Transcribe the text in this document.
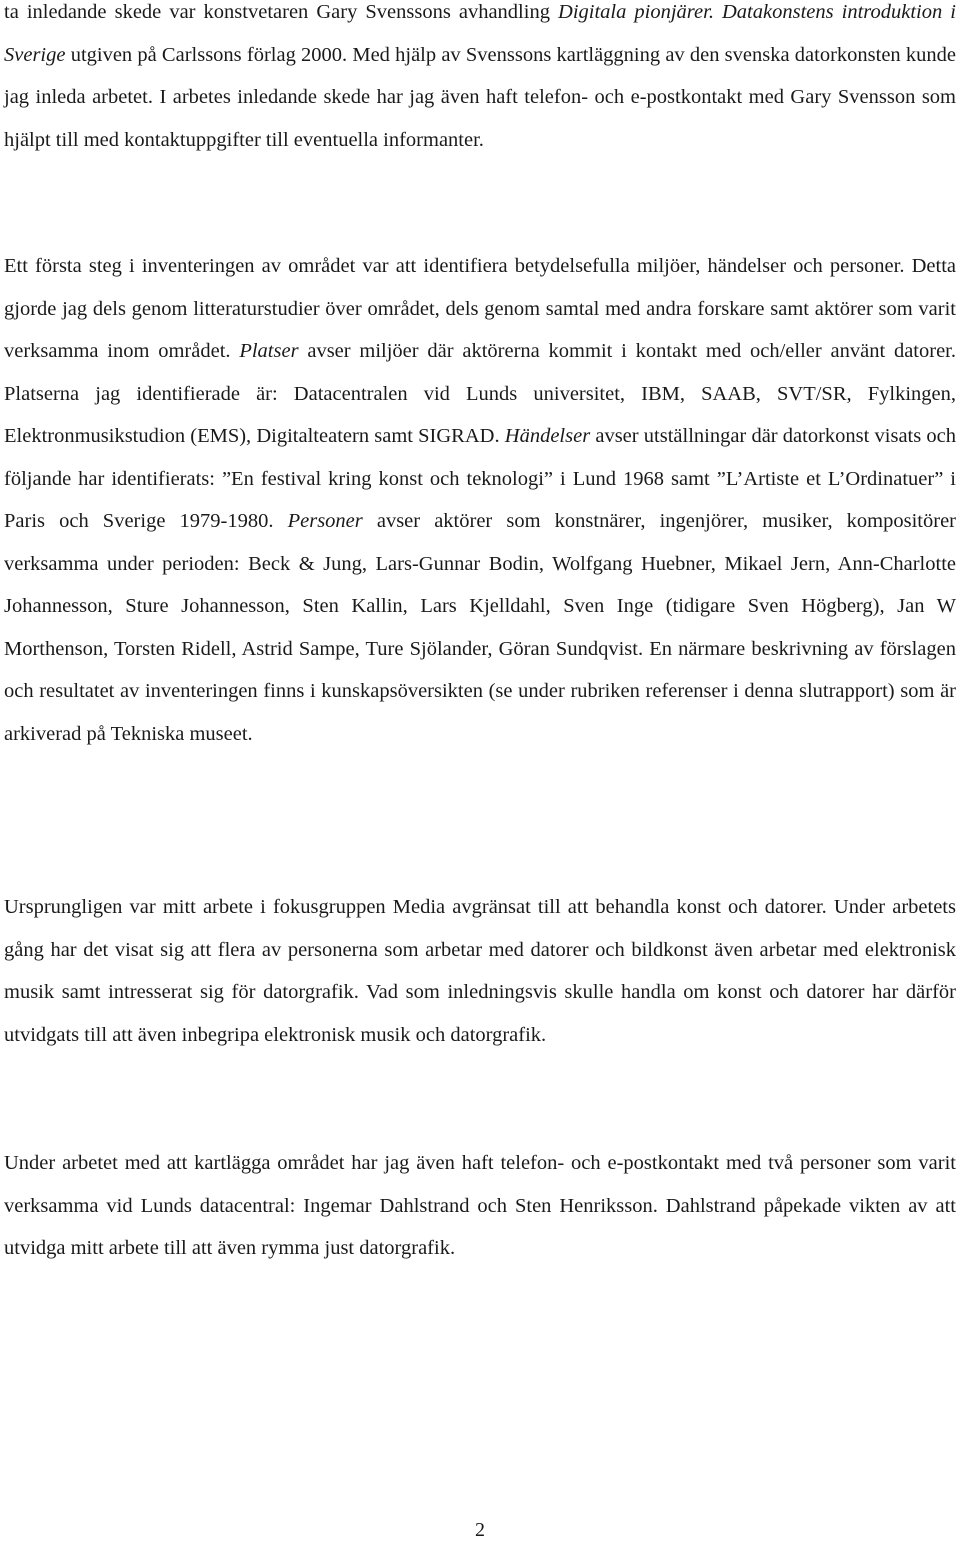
ta inledande skede var konstvetaren Gary Svenssons avhandling Digitala pionjärer. Datakonstens introduktion i Sverige utgiven på Carlssons förlag 2000. Med hjälp av Svenssons kartläggning av den svenska datorkonsten kunde jag inleda arbetet. I arbetes inledande skede har jag även haft telefon- och e-postkontakt med Gary Svensson som hjälpt till med kontaktuppgifter till eventuella informanter.

Ett första steg i inventeringen av området var att identifiera betydelsefulla miljöer, händelser och personer. Detta gjorde jag dels genom litteraturstudier över området, dels genom samtal med andra forskare samt aktörer som varit verksamma inom området. Platser avser miljöer där aktörerna kommit i kontakt med och/eller använt datorer. Platserna jag identifierade är: Datacentralen vid Lunds universitet, IBM, SAAB, SVT/SR, Fylkingen, Elektronmusikstudion (EMS), Digitalteatern samt SIGRAD. Händelser avser utställningar där datorkonst visats och följande har identifierats: ”En festival kring konst och teknologi” i Lund 1968 samt ”L’Artiste et L’Ordinatuer” i Paris och Sverige 1979-1980. Personer avser aktörer som konstnärer, ingenjörer, musiker, kompositörer verksamma under perioden: Beck & Jung, Lars-Gunnar Bodin, Wolfgang Huebner, Mikael Jern, Ann-Charlotte Johannesson, Sture Johannesson, Sten Kallin, Lars Kjelldahl, Sven Inge (tidigare Sven Högberg), Jan W Morthenson, Torsten Ridell, Astrid Sampe, Ture Sjölander, Göran Sundqvist. En närmare beskrivning av förslagen och resultatet av inventeringen finns i kunskapsöversikten (se under rubriken referenser i denna slutrapport) som är arkiverad på Tekniska museet.

Ursprungligen var mitt arbete i fokusgruppen Media avgränsat till att behandla konst och datorer. Under arbetets gång har det visat sig att flera av personerna som arbetar med datorer och bildkonst även arbetar med elektronisk musik samt intresserat sig för datorgrafik. Vad som inledningsvis skulle handla om konst och datorer har därför utvidgats till att även inbegripa elektronisk musik och datorgrafik.

Under arbetet med att kartlägga området har jag även haft telefon- och e-postkontakt med två personer som varit verksamma vid Lunds datacentral: Ingemar Dahlstrand och Sten Henriksson. Dahlstrand påpekade vikten av att utvidga mitt arbete till att även rymma just datorgrafik.

2
